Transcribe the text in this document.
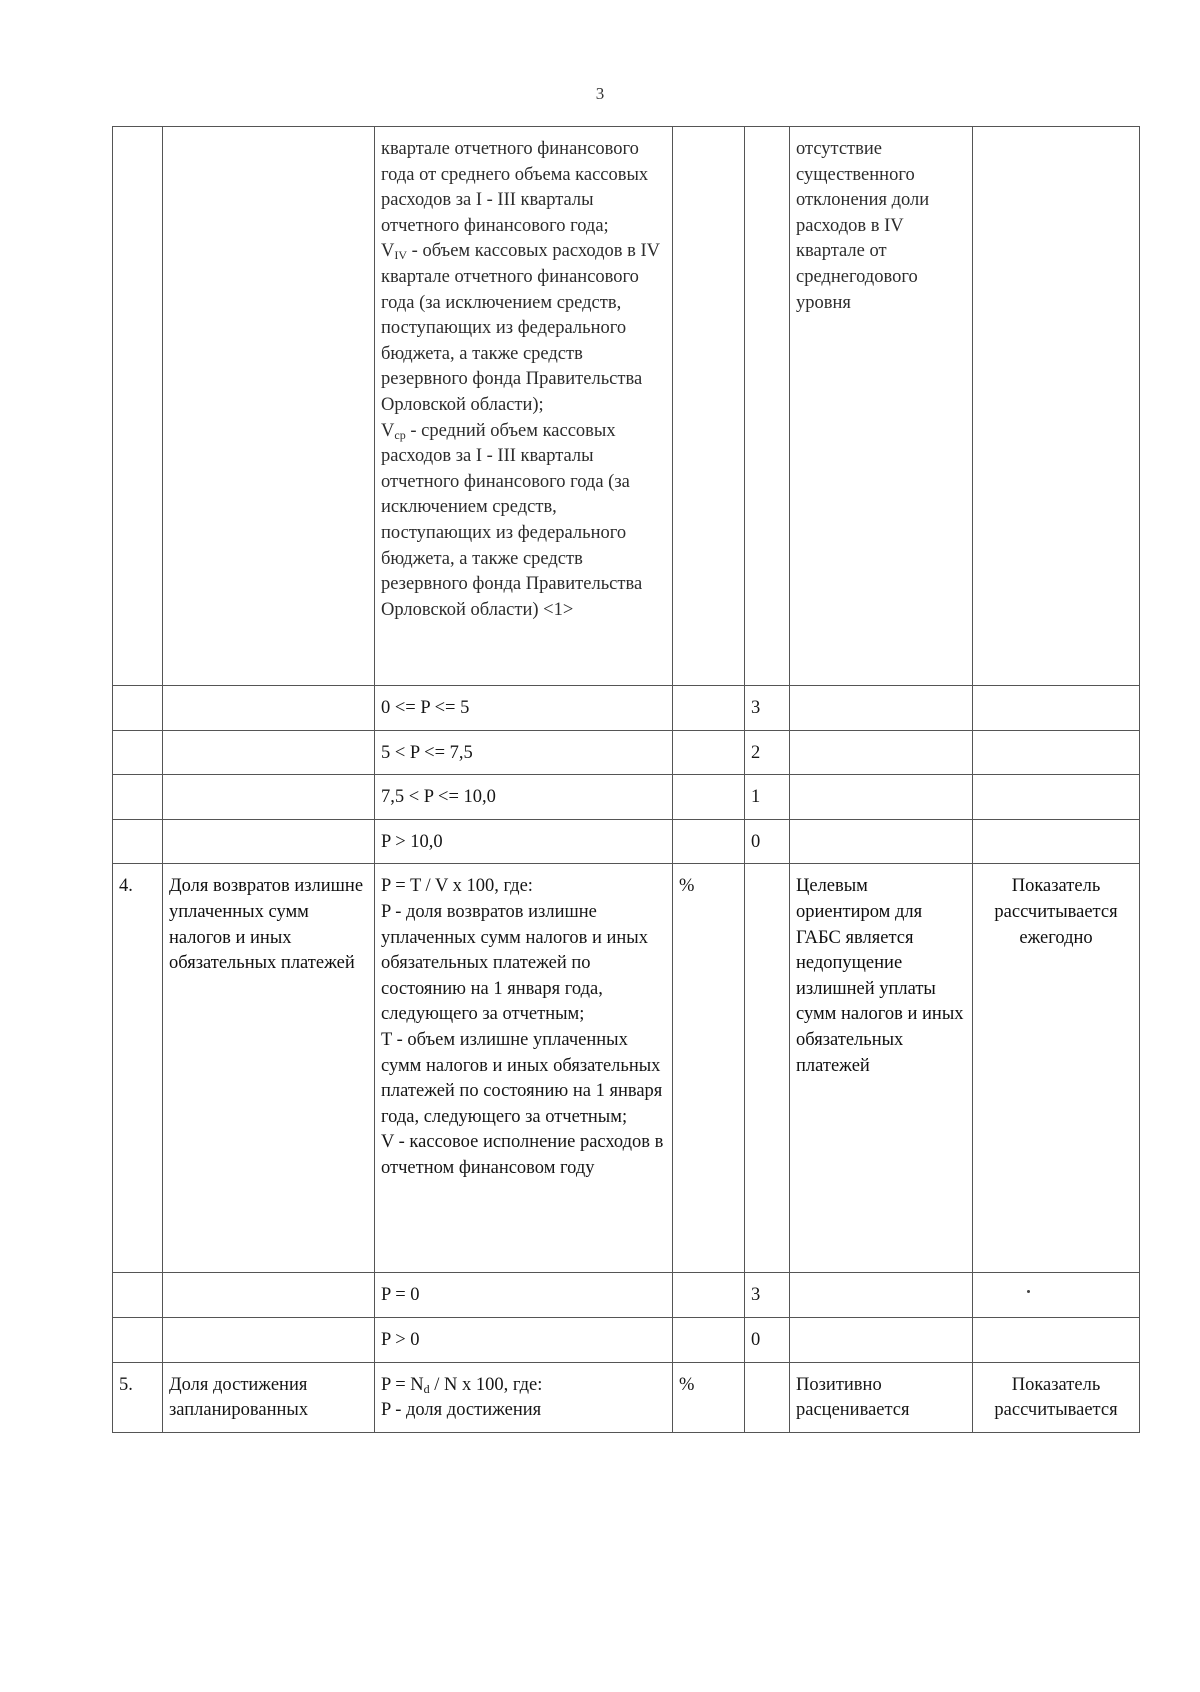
3

		квартале отчетного финансового года от среднего объема кассовых расходов за I - III кварталы отчетного финансового года;
$V_{IV}$ - объем кассовых расходов в IV квартале отчетного финансового года (за исключением средств, поступающих из федерального бюджета, а также средств резервного фонда Правительства Орловской области);
$V_{ср}$ - средний объем кассовых расходов за I - III кварталы отчетного финансового года (за исключением средств, поступающих из федерального бюджета, а также средств резервного фонда Правительства Орловской области) <1>			отсутствие существенного отклонения доли расходов в IV квартале от среднегодового уровня	
		0 <= P <= 5		3		
		5 < P <= 7,5		2		
		7,5 < P <= 10,0		1		
		P > 10,0		0		
4.	Доля возвратов излишне уплаченных сумм налогов и иных обязательных платежей	P = T / V x 100, где:
P - доля возвратов излишне уплаченных сумм налогов и иных обязательных платежей по состоянию на 1 января года, следующего за отчетным;
T - объем излишне уплаченных сумм налогов и иных обязательных платежей по состоянию на 1 января года, следующего за отчетным;
V - кассовое исполнение расходов в отчетном финансовом году	%		Целевым ориентиром для ГАБС является недопущение излишней уплаты сумм налогов и иных обязательных платежей	Показатель рассчитывается ежегодно
		P = 0		3		
		P > 0		0		
5.	Доля достижения запланированных	$P = N_d / N$ x 100, где:
P - доля достижения	%		Позитивно расценивается	Показатель рассчитывается
